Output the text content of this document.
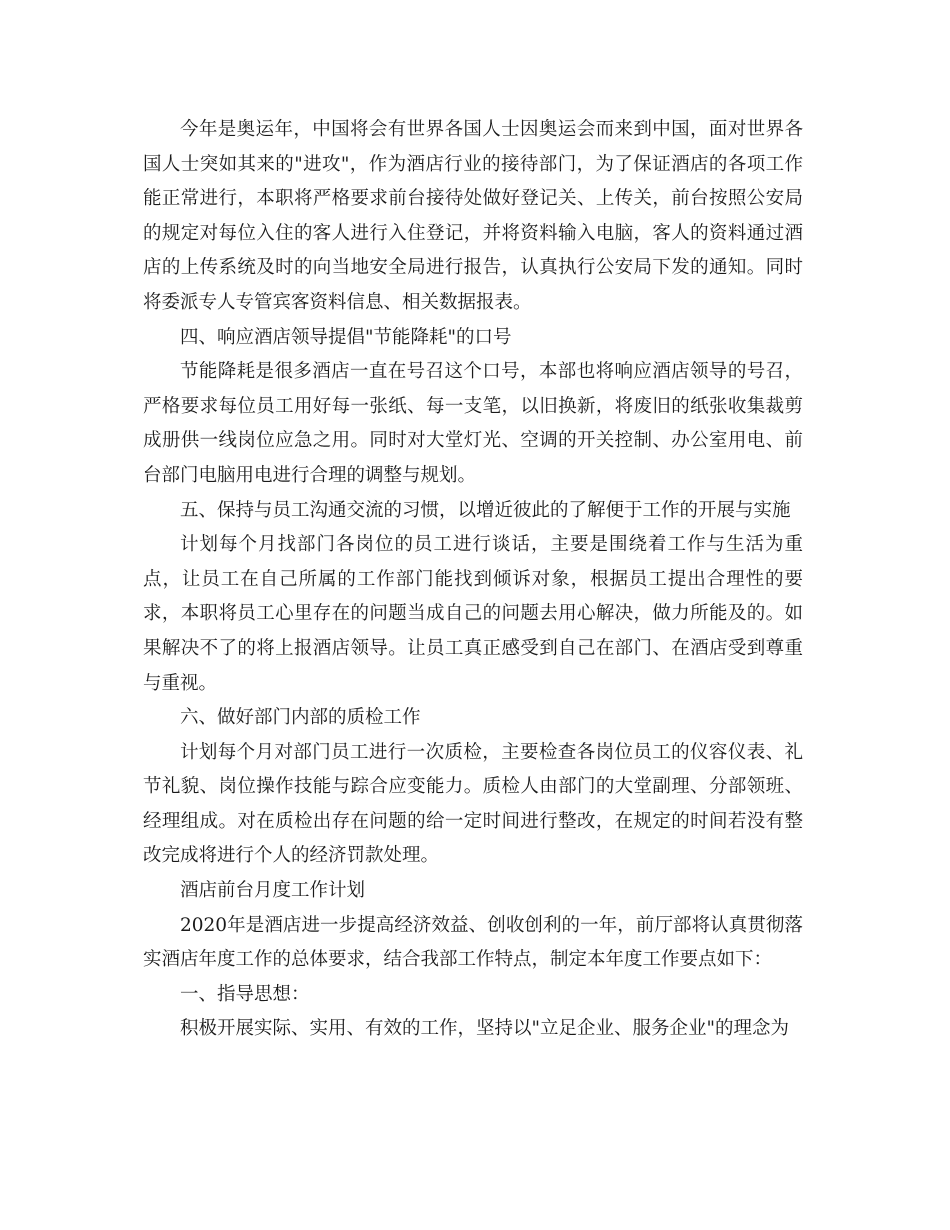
今年是奥运年，中国将会有世界各国人士因奥运会而来到中国，面对世界各国人士突如其来的"进攻"，作为酒店行业的接待部门，为了保证酒店的各项工作能正常进行，本职将严格要求前台接待处做好登记关、上传关，前台按照公安局的规定对每位入住的客人进行入住登记，并将资料输入电脑，客人的资料通过酒店的上传系统及时的向当地安全局进行报告，认真执行公安局下发的通知。同时将委派专人专管宾客资料信息、相关数据报表。

四、响应酒店领导提倡"节能降耗"的口号

节能降耗是很多酒店一直在号召这个口号，本部也将响应酒店领导的号召，严格要求每位员工用好每一张纸、每一支笔，以旧换新，将废旧的纸张收集裁剪成册供一线岗位应急之用。同时对大堂灯光、空调的开关控制、办公室用电、前台部门电脑用电进行合理的调整与规划。

五、保持与员工沟通交流的习惯，以增近彼此的了解便于工作的开展与实施

计划每个月找部门各岗位的员工进行谈话，主要是围绕着工作与生活为重点，让员工在自己所属的工作部门能找到倾诉对象，根据员工提出合理性的要求，本职将员工心里存在的问题当成自己的问题去用心解决，做力所能及的。如果解决不了的将上报酒店领导。让员工真正感受到自己在部门、在酒店受到尊重与重视。

六、做好部门内部的质检工作

计划每个月对部门员工进行一次质检，主要检查各岗位员工的仪容仪表、礼节礼貌、岗位操作技能与踪合应变能力。质检人由部门的大堂副理、分部领班、经理组成。对在质检出存在问题的给一定时间进行整改，在规定的时间若没有整改完成将进行个人的经济罚款处理。

酒店前台月度工作计划

2020年是酒店进一步提高经济效益、创收创利的一年，前厅部将认真贯彻落实酒店年度工作的总体要求，结合我部工作特点，制定本年度工作要点如下：

一、指导思想：

积极开展实际、实用、有效的工作，坚持以"立足企业、服务企业"的理念为
